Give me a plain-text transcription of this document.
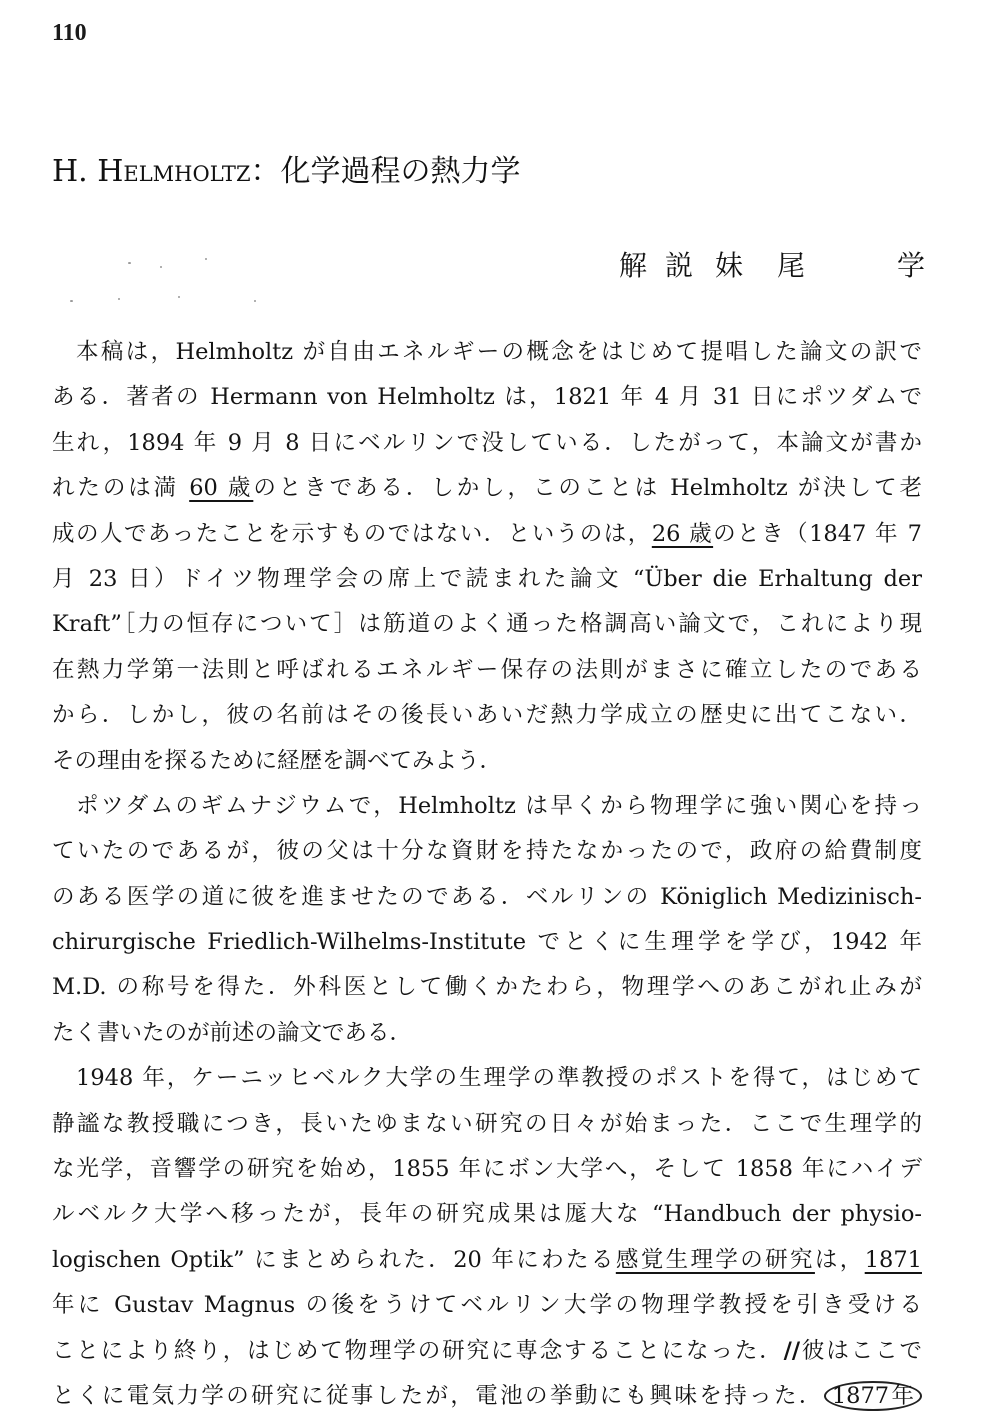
110
H. Helmholtz：化学過程の熱力学
解説 妹尾 学
本稿は，Helmholtz が自由エネルギーの概念をはじめて提唱した論文の訳で
ある．著者の Hermann von Helmholtz は，1821 年 4 月 31 日にポツダムで
生れ，1894 年 9 月 8 日にベルリンで没している．したがって，本論文が書か
れたのは満 60 歳のときである．しかし，このことは Helmholtz が決して老
成の人であったことを示すものではない．というのは，26 歳のとき（1847 年 7
月 23 日）ドイツ物理学会の席上で読まれた論文 “Über die Erhaltung der
Kraft”［力の恒存について］は筋道のよく通った格調高い論文で，これにより現
在熱力学第一法則と呼ばれるエネルギー保存の法則がまさに確立したのである
から．しかし，彼の名前はその後長いあいだ熱力学成立の歴史に出てこない．
その理由を探るために経歴を調べてみよう．
ポツダムのギムナジウムで，Helmholtz は早くから物理学に強い関心を持っ
ていたのであるが，彼の父は十分な資財を持たなかったので，政府の給費制度
のある医学の道に彼を進ませたのである．ベルリンの Königlich Medizinisch-
chirurgische Friedlich-Wilhelms-Institute でとくに生理学を学び，1942 年
M.D. の称号を得た．外科医として働くかたわら，物理学へのあこがれ止みが
たく書いたのが前述の論文である．
1948 年，ケーニッヒベルク大学の生理学の準教授のポストを得て，はじめて
静謐な教授職につき，長いたゆまない研究の日々が始まった．ここで生理学的
な光学，音響学の研究を始め，1855 年にボン大学へ，そして 1858 年にハイデ
ルベルク大学へ移ったが，長年の研究成果は厖大な “Handbuch der physio-
logischen Optik” にまとめられた．20 年にわたる感覚生理学の研究は，1871
年に Gustav Magnus の後をうけてベルリン大学の物理学教授を引き受ける
ことにより終り，はじめて物理学の研究に専念することになった．//彼はここで
とくに電気力学の研究に従事したが，電池の挙動にも興味を持った． 1877年
